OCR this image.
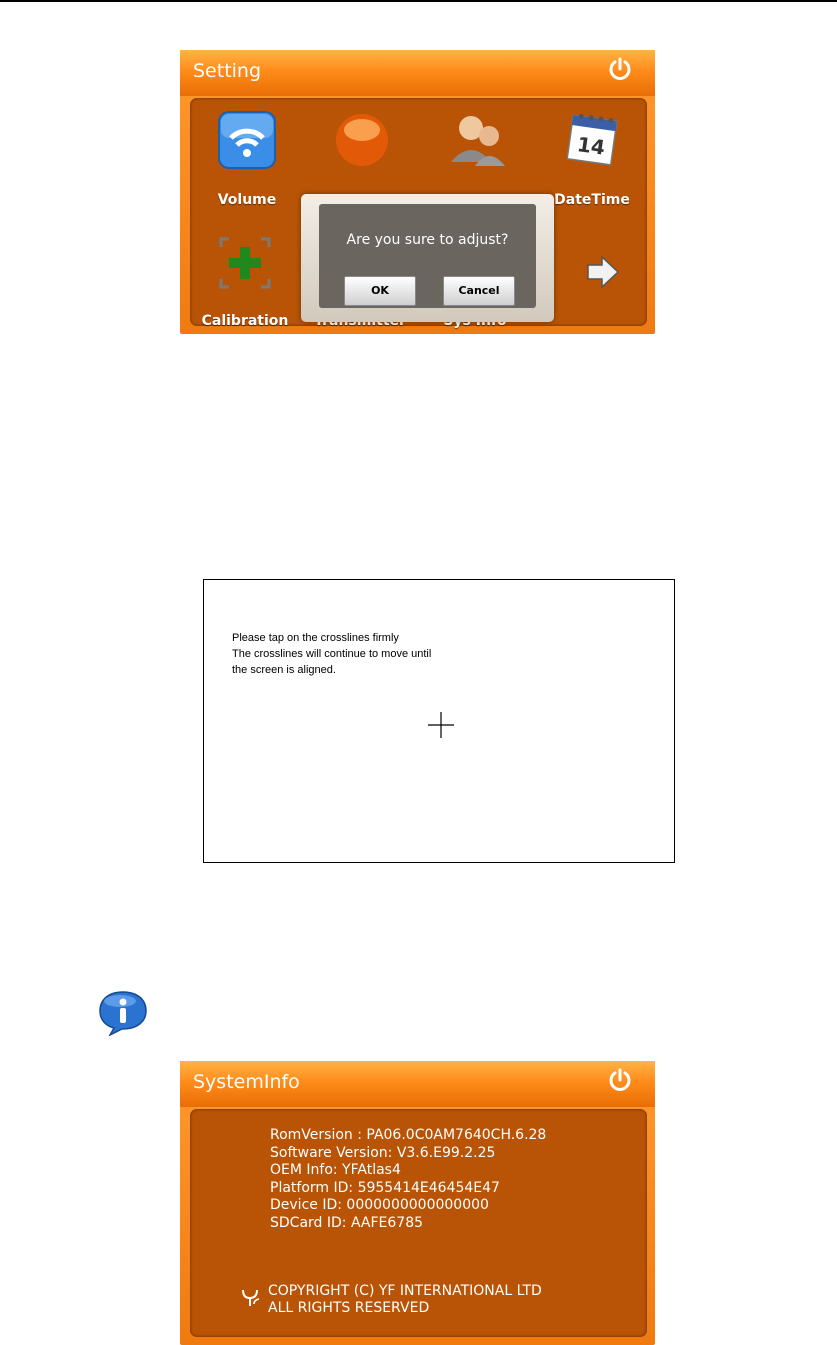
Setting
Volume
14
DateTime
Calibration
Are you sure to adjust?
OK	Cancel
Please tap on the crosslines firmly
The crosslines will continue to move until
the screen is aligned.
SystemInfo
RomVersion : PA06.0C0AM7640CH.6.28
Software Version: V3.6.E99.2.25
OEM Info: YFAtlas4
Platform ID: 5955414E46454E47
Device ID: 0000000000000000
SDCard ID: AAFE6785
COPYRIGHT (C) YF INTERNATIONAL LTD
ALL RIGHTS RESERVED
